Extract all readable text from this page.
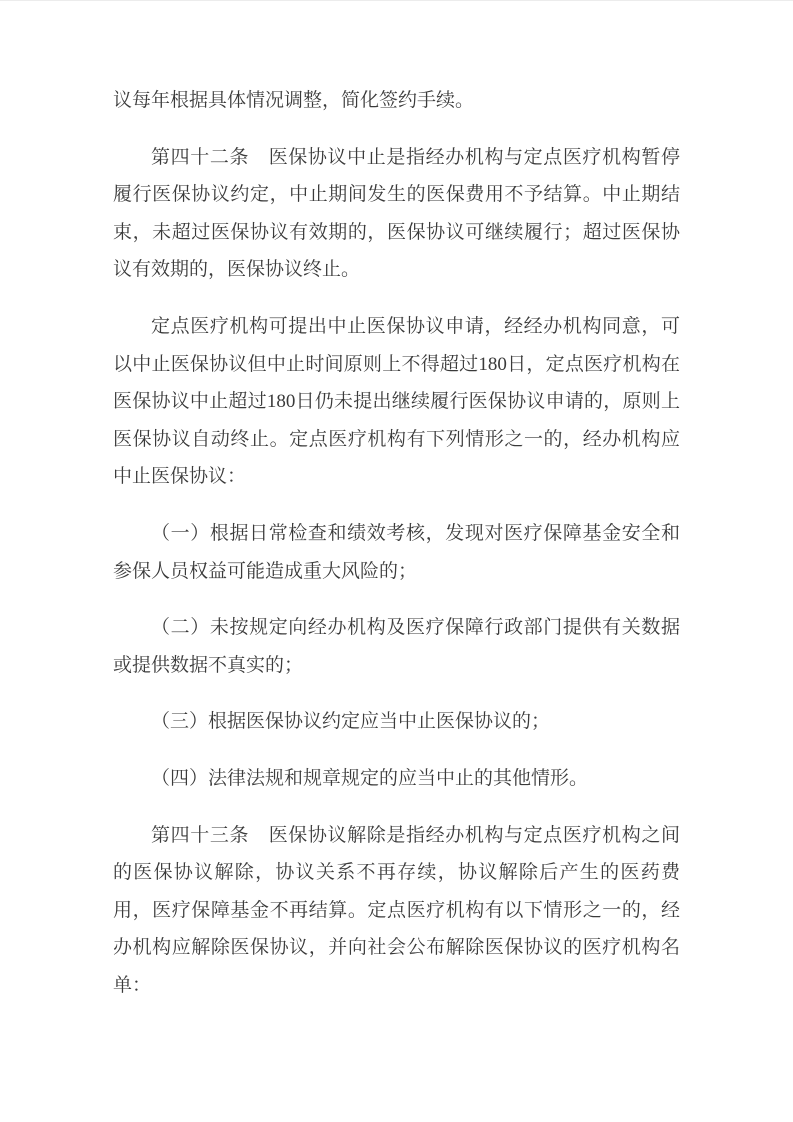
议每年根据具体情况调整，简化签约手续。
第四十二条　医保协议中止是指经办机构与定点医疗机构暂停
履行医保协议约定，中止期间发生的医保费用不予结算。中止期结
束，未超过医保协议有效期的，医保协议可继续履行；超过医保协
议有效期的，医保协议终止。
定点医疗机构可提出中止医保协议申请，经经办机构同意，可
以中止医保协议但中止时间原则上不得超过180日，定点医疗机构在
医保协议中止超过180日仍未提出继续履行医保协议申请的，原则上
医保协议自动终止。定点医疗机构有下列情形之一的，经办机构应
中止医保协议：
（一）根据日常检查和绩效考核，发现对医疗保障基金安全和
参保人员权益可能造成重大风险的；
（二）未按规定向经办机构及医疗保障行政部门提供有关数据
或提供数据不真实的；
（三）根据医保协议约定应当中止医保协议的；
（四）法律法规和规章规定的应当中止的其他情形。
第四十三条　医保协议解除是指经办机构与定点医疗机构之间
的医保协议解除，协议关系不再存续，协议解除后产生的医药费
用，医疗保障基金不再结算。定点医疗机构有以下情形之一的，经
办机构应解除医保协议，并向社会公布解除医保协议的医疗机构名
单：
